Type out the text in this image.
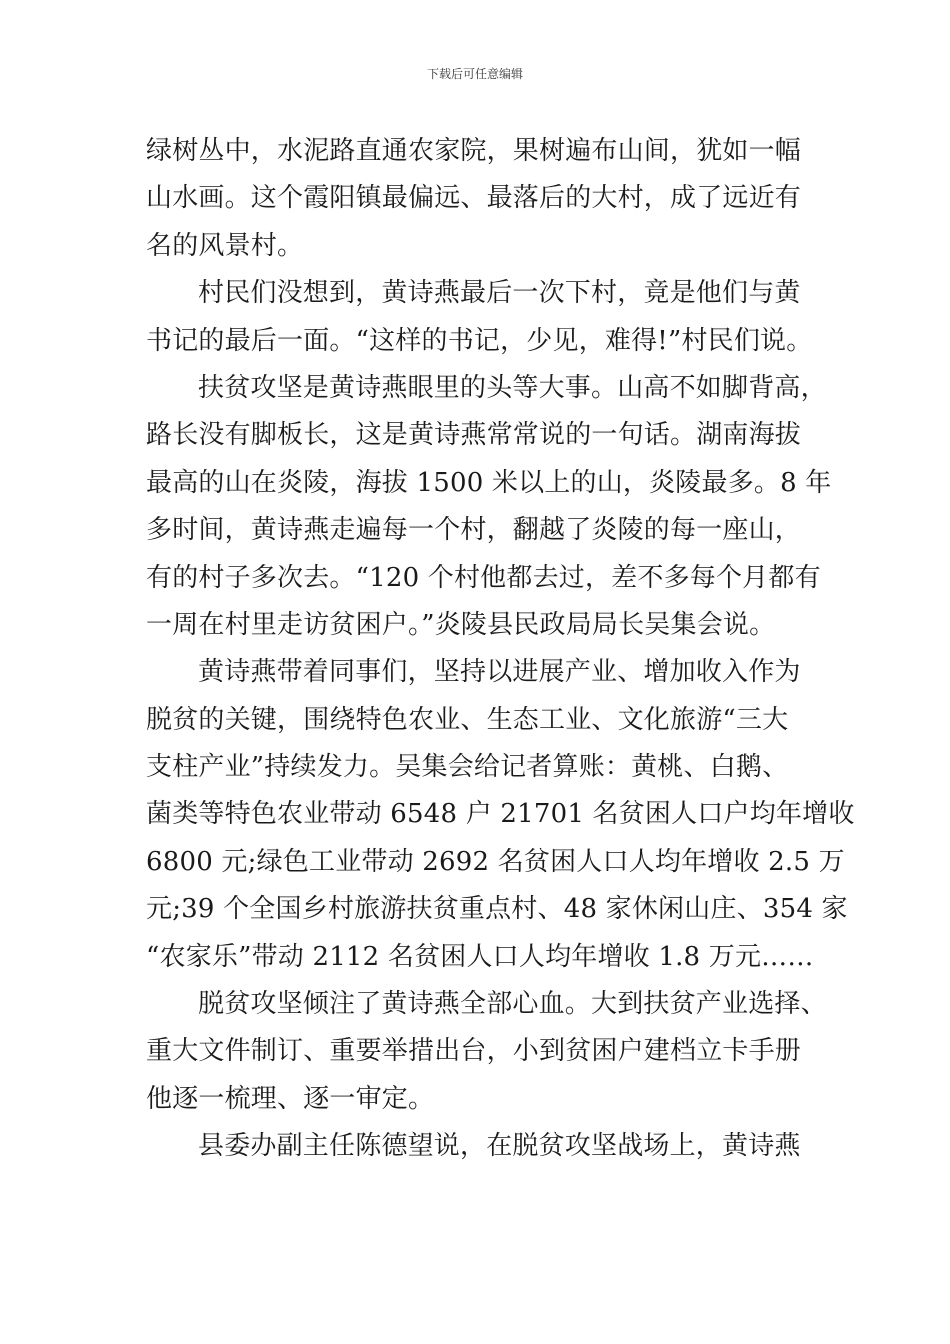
下载后可任意编辑
绿树丛中，水泥路直通农家院，果树遍布山间，犹如一幅
山水画。这个霞阳镇最偏远、最落后的大村，成了远近有
名的风景村。
村民们没想到，黄诗燕最后一次下村，竟是他们与黄
书记的最后一面。“这样的书记，少见，难得!”村民们说。
扶贫攻坚是黄诗燕眼里的头等大事。山高不如脚背高，
路长没有脚板长，这是黄诗燕常常说的一句话。湖南海拔
最高的山在炎陵，海拔 1500 米以上的山，炎陵最多。8 年
多时间，黄诗燕走遍每一个村，翻越了炎陵的每一座山，
有的村子多次去。“120 个村他都去过，差不多每个月都有
一周在村里走访贫困户。”炎陵县民政局局长吴集会说。
黄诗燕带着同事们，坚持以进展产业、增加收入作为
脱贫的关键，围绕特色农业、生态工业、文化旅游“三大
支柱产业”持续发力。吴集会给记者算账：黄桃、白鹅、
菌类等特色农业带动 6548 户 21701 名贫困人口户均年增收
6800 元;绿色工业带动 2692 名贫困人口人均年增收 2.5 万
元;39 个全国乡村旅游扶贫重点村、48 家休闲山庄、354 家
“农家乐”带动 2112 名贫困人口人均年增收 1.8 万元……
脱贫攻坚倾注了黄诗燕全部心血。大到扶贫产业选择、
重大文件制订、重要举措出台，小到贫困户建档立卡手册
他逐一梳理、逐一审定。
县委办副主任陈德望说，在脱贫攻坚战场上，黄诗燕
